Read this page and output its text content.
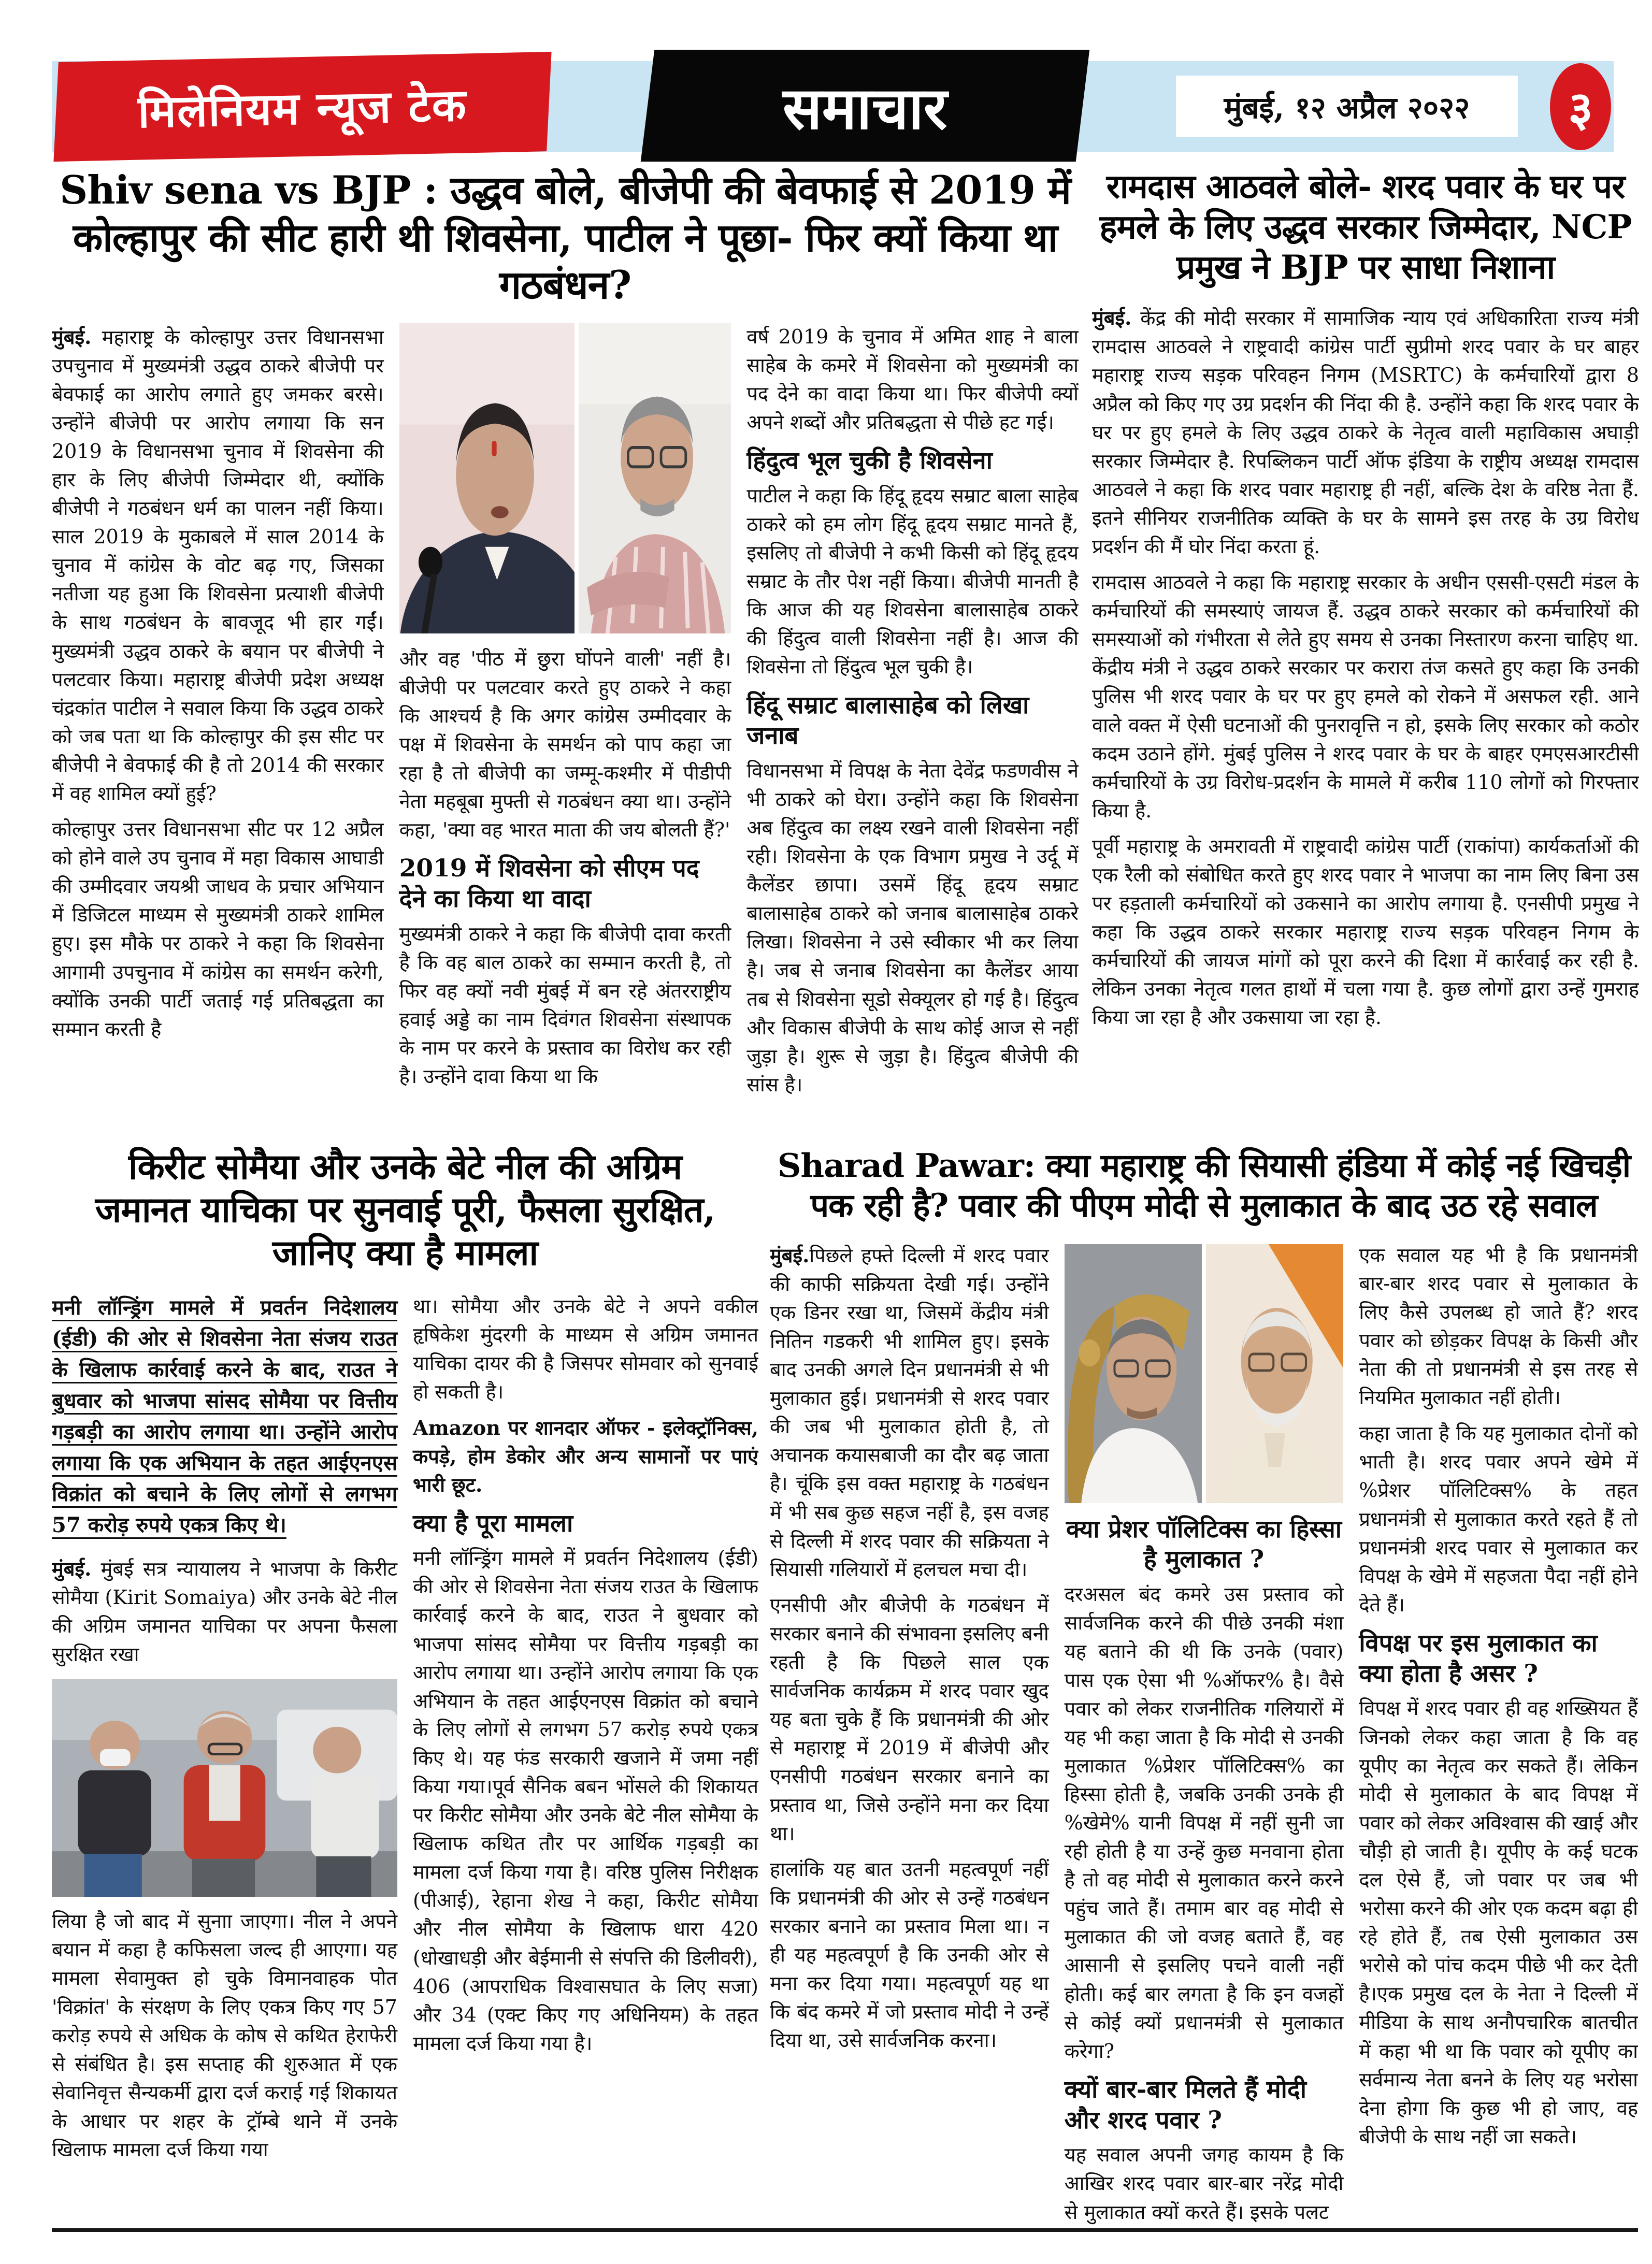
मिलेनियम न्यूज टेक	समाचार	मुंबई, १२ अप्रैल २०२२ ३
Shiv sena vs BJP : उद्धव बोले, बीजेपी की बेवफाई से 2019 में कोल्हापुर की सीट हारी थी शिवसेना, पाटील ने पूछा- फिर क्यों किया था गठबंधन?

मुंबई. महाराष्ट्र के कोल्हापुर उत्तर विधानसभा उपचुनाव में मुख्यमंत्री उद्धव ठाकरे बीजेपी पर बेवफाई का आरोप लगाते हुए जमकर बरसे। उन्होंने बीजेपी पर आरोप लगाया कि सन 2019 के विधानसभा चुनाव में शिवसेना की हार के लिए बीजेपी जिम्मेदार थी, क्योंकि बीजेपी ने गठबंधन धर्म का पालन नहीं किया। साल 2019 के मुकाबले में साल 2014 के चुनाव में कांग्रेस के वोट बढ़ गए, जिसका नतीजा यह हुआ कि शिवसेना प्रत्याशी बीजेपी के साथ गठबंधन के बावजूद भी हार गईं। मुख्यमंत्री उद्धव ठाकरे के बयान पर बीजेपी ने पलटवार किया। महाराष्ट्र बीजेपी प्रदेश अध्यक्ष चंद्रकांत पाटील ने सवाल किया कि उद्धव ठाकरे को जब पता था कि कोल्हापुर की इस सीट पर बीजेपी ने बेवफाई की है तो 2014 की सरकार में वह शामिल क्यों हुई?

कोल्हापुर उत्तर विधानसभा सीट पर 12 अप्रैल को होने वाले उप चुनाव में महा विकास आघाडी की उम्मीदवार जयश्री जाधव के प्रचार अभियान में डिजिटल माध्यम से मुख्यमंत्री ठाकरे शामिल हुए। इस मौके पर ठाकरे ने कहा कि शिवसेना आगामी उपचुनाव में कांग्रेस का समर्थन करेगी, क्योंकि उनकी पार्टी जताई गई प्रतिबद्धता का सम्मान करती है

और वह 'पीठ में छुरा घोंपने वाली' नहीं है। बीजेपी पर पलटवार करते हुए ठाकरे ने कहा कि आश्चर्य है कि अगर कांग्रेस उम्मीदवार के पक्ष में शिवसेना के समर्थन को पाप कहा जा रहा है तो बीजेपी का जम्मू-कश्मीर में पीडीपी नेता महबूबा मुफ्ती से गठबंधन क्या था। उन्होंने कहा, 'क्या वह भारत माता की जय बोलती हैं?'

2019 में शिवसेना को सीएम पद देने का किया था वादा

मुख्यमंत्री ठाकरे ने कहा कि बीजेपी दावा करती है कि वह बाल ठाकरे का सम्मान करती है, तो फिर वह क्यों नवी मुंबई में बन रहे अंतरराष्ट्रीय हवाई अड्डे का नाम दिवंगत शिवसेना संस्थापक के नाम पर करने के प्रस्ताव का विरोध कर रही है। उन्होंने दावा किया था कि

वर्ष 2019 के चुनाव में अमित शाह ने बाला साहेब के कमरे में शिवसेना को मुख्यमंत्री का पद देने का वादा किया था। फिर बीजेपी क्यों अपने शब्दों और प्रतिबद्धता से पीछे हट गई।

हिंदुत्व भूल चुकी है शिवसेना

पाटील ने कहा कि हिंदू हृदय सम्राट बाला साहेब ठाकरे को हम लोग हिंदू हृदय सम्राट मानते हैं, इसलिए तो बीजेपी ने कभी किसी को हिंदू हृदय सम्राट के तौर पेश नहीं किया। बीजेपी मानती है कि आज की यह शिवसेना बालासाहेब ठाकरे की हिंदुत्व वाली शिवसेना नहीं है। आज की शिवसेना तो हिंदुत्व भूल चुकी है।

हिंदू सम्राट बालासाहेब को लिखा जनाब

विधानसभा में विपक्ष के नेता देवेंद्र फडणवीस ने भी ठाकरे को घेरा। उन्होंने कहा कि शिवसेना अब हिंदुत्व का लक्ष्य रखने वाली शिवसेना नहीं रही। शिवसेना के एक विभाग प्रमुख ने उर्दू में कैलेंडर छापा। उसमें हिंदू हृदय सम्राट बालासाहेब ठाकरे को जनाब बालासाहेब ठाकरे लिखा। शिवसेना ने उसे स्वीकार भी कर लिया है। जब से जनाब शिवसेना का कैलेंडर आया तब से शिवसेना सूडो सेक्यूलर हो गई है। हिंदुत्व और विकास बीजेपी के साथ कोई आज से नहीं जुड़ा है। शुरू से जुड़ा है। हिंदुत्व बीजेपी की सांस है।

रामदास आठवले बोले- शरद पवार के घर पर हमले के लिए उद्धव सरकार जिम्मेदार, NCP प्रमुख ने BJP पर साधा निशाना

मुंबई. केंद्र की मोदी सरकार में सामाजिक न्याय एवं अधिकारिता राज्य मंत्री रामदास आठवले ने राष्ट्रवादी कांग्रेस पार्टी सुप्रीमो शरद पवार के घर बाहर महाराष्ट्र राज्य सड़क परिवहन निगम (MSRTC) के कर्मचारियों द्वारा 8 अप्रैल को किए गए उग्र प्रदर्शन की निंदा की है. उन्होंने कहा कि शरद पवार के घर पर हुए हमले के लिए उद्धव ठाकरे के नेतृत्व वाली महाविकास अघाड़ी सरकार जिम्मेदार है. रिपब्लिकन पार्टी ऑफ इंडिया के राष्ट्रीय अध्यक्ष रामदास आठवले ने कहा कि शरद पवार महाराष्ट्र ही नहीं, बल्कि देश के वरिष्ठ नेता हैं. इतने सीनियर राजनीतिक व्यक्ति के घर के सामने इस तरह के उग्र विरोध प्रदर्शन की मैं घोर निंदा करता हूं.

रामदास आठवले ने कहा कि महाराष्ट्र सरकार के अधीन एससी-एसटी मंडल के कर्मचारियों की समस्याएं जायज हैं. उद्धव ठाकरे सरकार को कर्मचारियों की समस्याओं को गंभीरता से लेते हुए समय से उनका निस्तारण करना चाहिए था. केंद्रीय मंत्री ने उद्धव ठाकरे सरकार पर करारा तंज कसते हुए कहा कि उनकी पुलिस भी शरद पवार के घर पर हुए हमले को रोकने में असफल रही. आने वाले वक्त में ऐसी घटनाओं की पुनरावृत्ति न हो, इसके लिए सरकार को कठोर कदम उठाने होंगे. मुंबई पुलिस ने शरद पवार के घर के बाहर एमएसआरटीसी कर्मचारियों के उग्र विरोध-प्रदर्शन के मामले में करीब 110 लोगों को गिरफ्तार किया है.

पूर्वी महाराष्ट्र के अमरावती में राष्ट्रवादी कांग्रेस पार्टी (राकांपा) कार्यकर्ताओं की एक रैली को संबोधित करते हुए शरद पवार ने भाजपा का नाम लिए बिना उस पर हड़ताली कर्मचारियों को उकसाने का आरोप लगाया है. एनसीपी प्रमुख ने कहा कि उद्धव ठाकरे सरकार महाराष्ट्र राज्य सड़क परिवहन निगम के कर्मचारियों की जायज मांगों को पूरा करने की दिशा में कार्रवाई कर रही है. लेकिन उनका नेतृत्व गलत हाथों में चला गया है. कुछ लोगों द्वारा उन्हें गुमराह किया जा रहा है और उकसाया जा रहा है.

किरीट सोमैया और उनके बेटे नील की अग्रिम जमानत याचिका पर सुनवाई पूरी, फैसला सुरक्षित, जानिए क्या है मामला

मनी लॉन्ड्रिंग मामले में प्रवर्तन निदेशालय (ईडी) की ओर से शिवसेना नेता संजय राउत के खिलाफ कार्रवाई करने के बाद, राउत ने बुधवार को भाजपा सांसद सोमैया पर वित्तीय गड़बड़ी का आरोप लगाया था। उन्होंने आरोप लगाया कि एक अभियान के तहत आईएनएस विक्रांत को बचाने के लिए लोगों से लगभग 57 करोड़ रुपये एकत्र किए थे।

मुंबई. मुंबई सत्र न्यायालय ने भाजपा के किरीट सोमैया (Kirit Somaiya) और उनके बेटे नील की अग्रिम जमानत याचिका पर अपना फैसला सुरक्षित रखा

लिया है जो बाद में सुनाा जाएगा। नील ने अपने बयान में कहा है कफिसला जल्द ही आएगा। यह मामला सेवामुक्त हो चुके विमानवाहक पोत 'विक्रांत' के संरक्षण के लिए एकत्र किए गए 57 करोड़ रुपये से अधिक के कोष से कथित हेराफेरी से संबंधित है। इस सप्ताह की शुरुआत में एक सेवानिवृत्त सैन्यकर्मी द्वारा दर्ज कराई गई शिकायत के आधार पर शहर के ट्रॉम्बे थाने में उनके खिलाफ मामला दर्ज किया गया

था। सोमैया और उनके बेटे ने अपने वकील हृषिकेश मुंदरगी के माध्यम से अग्रिम जमानत याचिका दायर की है जिसपर सोमवार को सुनवाई हो सकती है।

Amazon पर शानदार ऑफर - इलेक्ट्रॉनिक्स, कपड़े, होम डेकोर और अन्य सामानों पर पाएं भारी छूट.

क्या है पूरा मामला

मनी लॉन्ड्रिंग मामले में प्रवर्तन निदेशालय (ईडी) की ओर से शिवसेना नेता संजय राउत के खिलाफ कार्रवाई करने के बाद, राउत ने बुधवार को भाजपा सांसद सोमैया पर वित्तीय गड़बड़ी का आरोप लगाया था। उन्होंने आरोप लगाया कि एक अभियान के तहत आईएनएस विक्रांत को बचाने के लिए लोगों से लगभग 57 करोड़ रुपये एकत्र किए थे। यह फंड सरकारी खजाने में जमा नहीं किया गया।पूर्व सैनिक बबन भोंसले की शिकायत पर किरीट सोमैया और उनके बेटे नील सोमैया के खिलाफ कथित तौर पर आर्थिक गड़बड़ी का मामला दर्ज किया गया है। वरिष्ठ पुलिस निरीक्षक (पीआई), रेहाना शेख ने कहा, किरीट सोमैया और नील सोमैया के खिलाफ धारा 420 (धोखाधड़ी और बेईमानी से संपत्ति की डिलीवरी), 406 (आपराधिक विश्वासघात के लिए सजा) और 34 (एक्ट किए गए अधिनियम) के तहत मामला दर्ज किया गया है।

Sharad Pawar: क्या महाराष्ट्र की सियासी हंडिया में कोई नई खिचड़ी पक रही है? पवार की पीएम मोदी से मुलाकात के बाद उठ रहे सवाल

मुंबई.पिछले हफ्ते दिल्ली में शरद पवार की काफी सक्रियता देखी गई। उन्होंने एक डिनर रखा था, जिसमें केंद्रीय मंत्री नितिन गडकरी भी शामिल हुए। इसके बाद उनकी अगले दिन प्रधानमंत्री से भी मुलाकात हुई। प्रधानमंत्री से शरद पवार की जब भी मुलाकात होती है, तो अचानक कयासबाजी का दौर बढ़ जाता है। चूंकि इस वक्त महाराष्ट्र के गठबंधन में भी सब कुछ सहज नहीं है, इस वजह से दिल्ली में शरद पवार की सक्रियता ने सियासी गलियारों में हलचल मचा दी।

एनसीपी और बीजेपी के गठबंधन में सरकार बनाने की संभावना इसलिए बनी रहती है कि पिछले साल एक सार्वजनिक कार्यक्रम में शरद पवार खुद यह बता चुके हैं कि प्रधानमंत्री की ओर से महाराष्ट्र में 2019 में बीजेपी और एनसीपी गठबंधन सरकार बनाने का प्रस्ताव था, जिसे उन्होंने मना कर दिया था।

हालांकि यह बात उतनी महत्वपूर्ण नहीं कि प्रधानमंत्री की ओर से उन्हें गठबंधन सरकार बनाने का प्रस्ताव मिला था। न ही यह महत्वपूर्ण है कि उनकी ओर से मना कर दिया गया। महत्वपूर्ण यह था कि बंद कमरे में जो प्रस्ताव मोदी ने उन्हें दिया था, उसे सार्वजनिक करना।

क्या प्रेशर पॉलिटिक्स का हिस्सा है मुलाकात ?

दरअसल बंद कमरे उस प्रस्ताव को सार्वजनिक करने की पीछे उनकी मंशा यह बताने की थी कि उनके (पवार) पास एक ऐसा भी %ऑफर% है। वैसे पवार को लेकर राजनीतिक गलियारों में यह भी कहा जाता है कि मोदी से उनकी मुलाकात %प्रेशर पॉलिटिक्स% का हिस्सा होती है, जबकि उनकी उनके ही %खेमे% यानी विपक्ष में नहीं सुनी जा रही होती है या उन्हें कुछ मनवाना होता है तो वह मोदी से मुलाकात करने करने पहुंच जाते हैं। तमाम बार वह मोदी से मुलाकात की जो वजह बताते हैं, वह आसानी से इसलिए पचने वाली नहीं होती। कई बार लगता है कि इन वजहों से कोई क्यों प्रधानमंत्री से मुलाकात करेगा?

क्यों बार-बार मिलते हैं मोदी और शरद पवार ?

यह सवाल अपनी जगह कायम है कि आखिर शरद पवार बार-बार नरेंद्र मोदी से मुलाकात क्यों करते हैं। इसके पलट

एक सवाल यह भी है कि प्रधानमंत्री बार-बार शरद पवार से मुलाकात के लिए कैसे उपलब्ध हो जाते हैं? शरद पवार को छोड़कर विपक्ष के किसी और नेता की तो प्रधानमंत्री से इस तरह से नियमित मुलाकात नहीं होती।

कहा जाता है कि यह मुलाकात दोनों को भाती है। शरद पवार अपने खेमे में %प्रेशर पॉलिटिक्स% के तहत प्रधानमंत्री से मुलाकात करते रहते हैं तो प्रधानमंत्री शरद पवार से मुलाकात कर विपक्ष के खेमे में सहजता पैदा नहीं होने देते हैं।

विपक्ष पर इस मुलाकात का क्या होता है असर ?

विपक्ष में शरद पवार ही वह शख्सियत हैं जिनको लेकर कहा जाता है कि वह यूपीए का नेतृत्व कर सकते हैं। लेकिन मोदी से मुलाकात के बाद विपक्ष में पवार को लेकर अविश्वास की खाई और चौड़ी हो जाती है। यूपीए के कई घटक दल ऐसे हैं, जो पवार पर जब भी भरोसा करने की ओर एक कदम बढ़ा ही रहे होते हैं, तब ऐसी मुलाकात उस भरोसे को पांच कदम पीछे भी कर देती है।एक प्रमुख दल के नेता ने दिल्ली में मीडिया के साथ अनौपचारिक बातचीत में कहा भी था कि पवार को यूपीए का सर्वमान्य नेता बनने के लिए यह भरोसा देना होगा कि कुछ भी हो जाए, वह बीजेपी के साथ नहीं जा सकते।
